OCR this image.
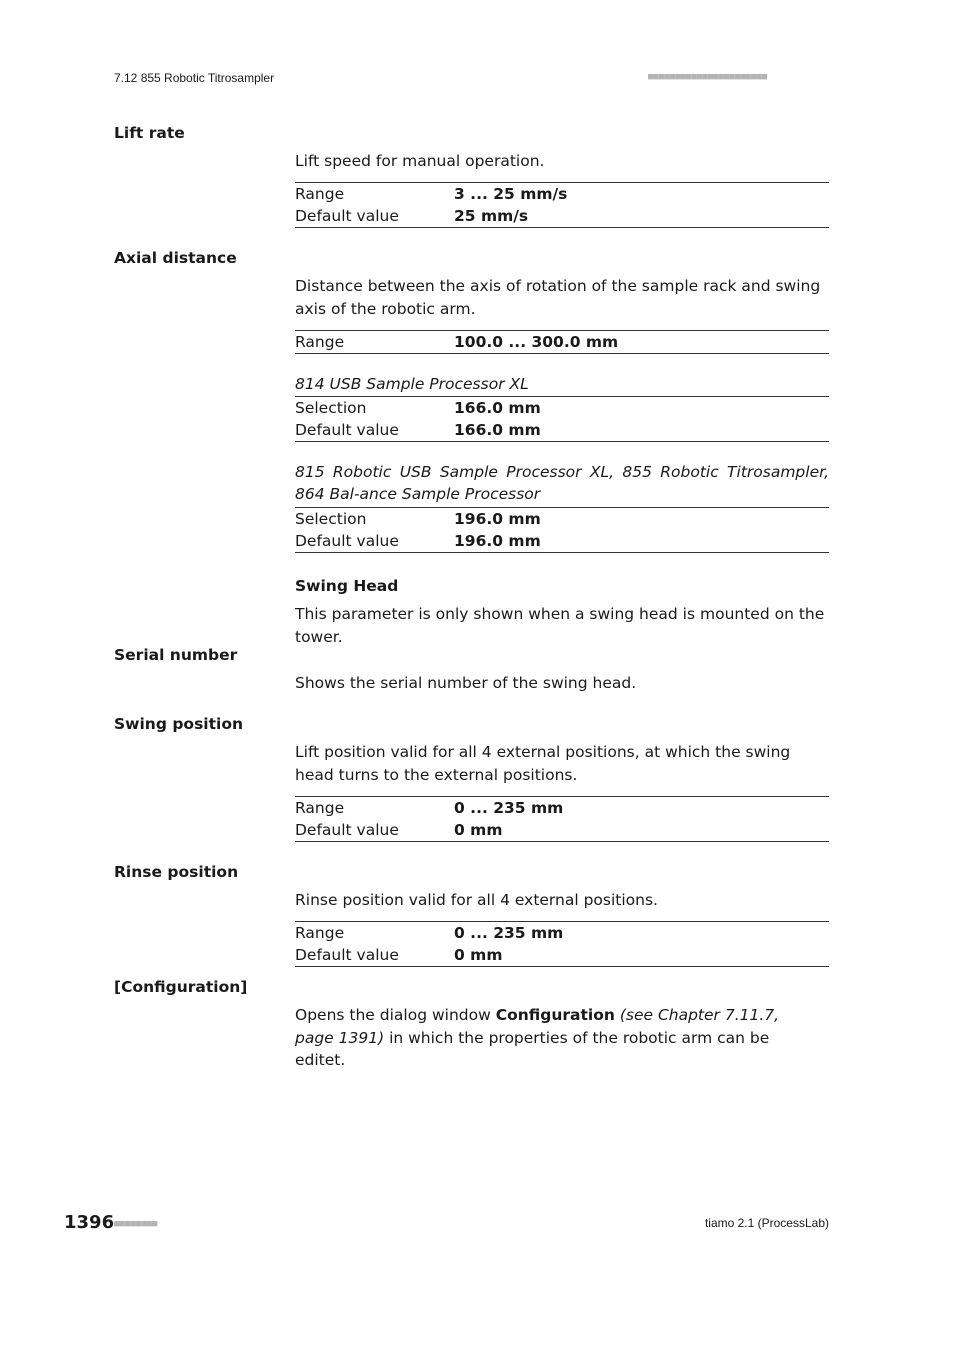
7.12 855 Robotic Titrosampler	■■■■■■■■■■■■■■■■■■■■■■
Lift rate
Lift speed for manual operation.
Range	3 ... 25 mm/s
Default value	25 mm/s
Axial distance
Distance between the axis of rotation of the sample rack and swing axis of the robotic arm.
Range	100.0 ... 300.0 mm
814 USB Sample Processor XL
Selection	166.0 mm
Default value	166.0 mm
815 Robotic USB Sample Processor XL, 855 Robotic Titrosampler, 864 Bal-ance Sample Processor
Selection	196.0 mm
Default value	196.0 mm
Swing Head
This parameter is only shown when a swing head is mounted on the tower.
Serial number
Shows the serial number of the swing head.
Swing position
Lift position valid for all 4 external positions, at which the swing head turns to the external positions.
Range	0 ... 235 mm
Default value	0 mm
Rinse position
Rinse position valid for all 4 external positions.
Range	0 ... 235 mm
Default value	0 mm
[Configuration]
Opens the dialog window Configuration (see Chapter 7.11.7, page 1391) in which the properties of the robotic arm can be editet.
1396 ■■■■■■■■	tiamo 2.1 (ProcessLab)
